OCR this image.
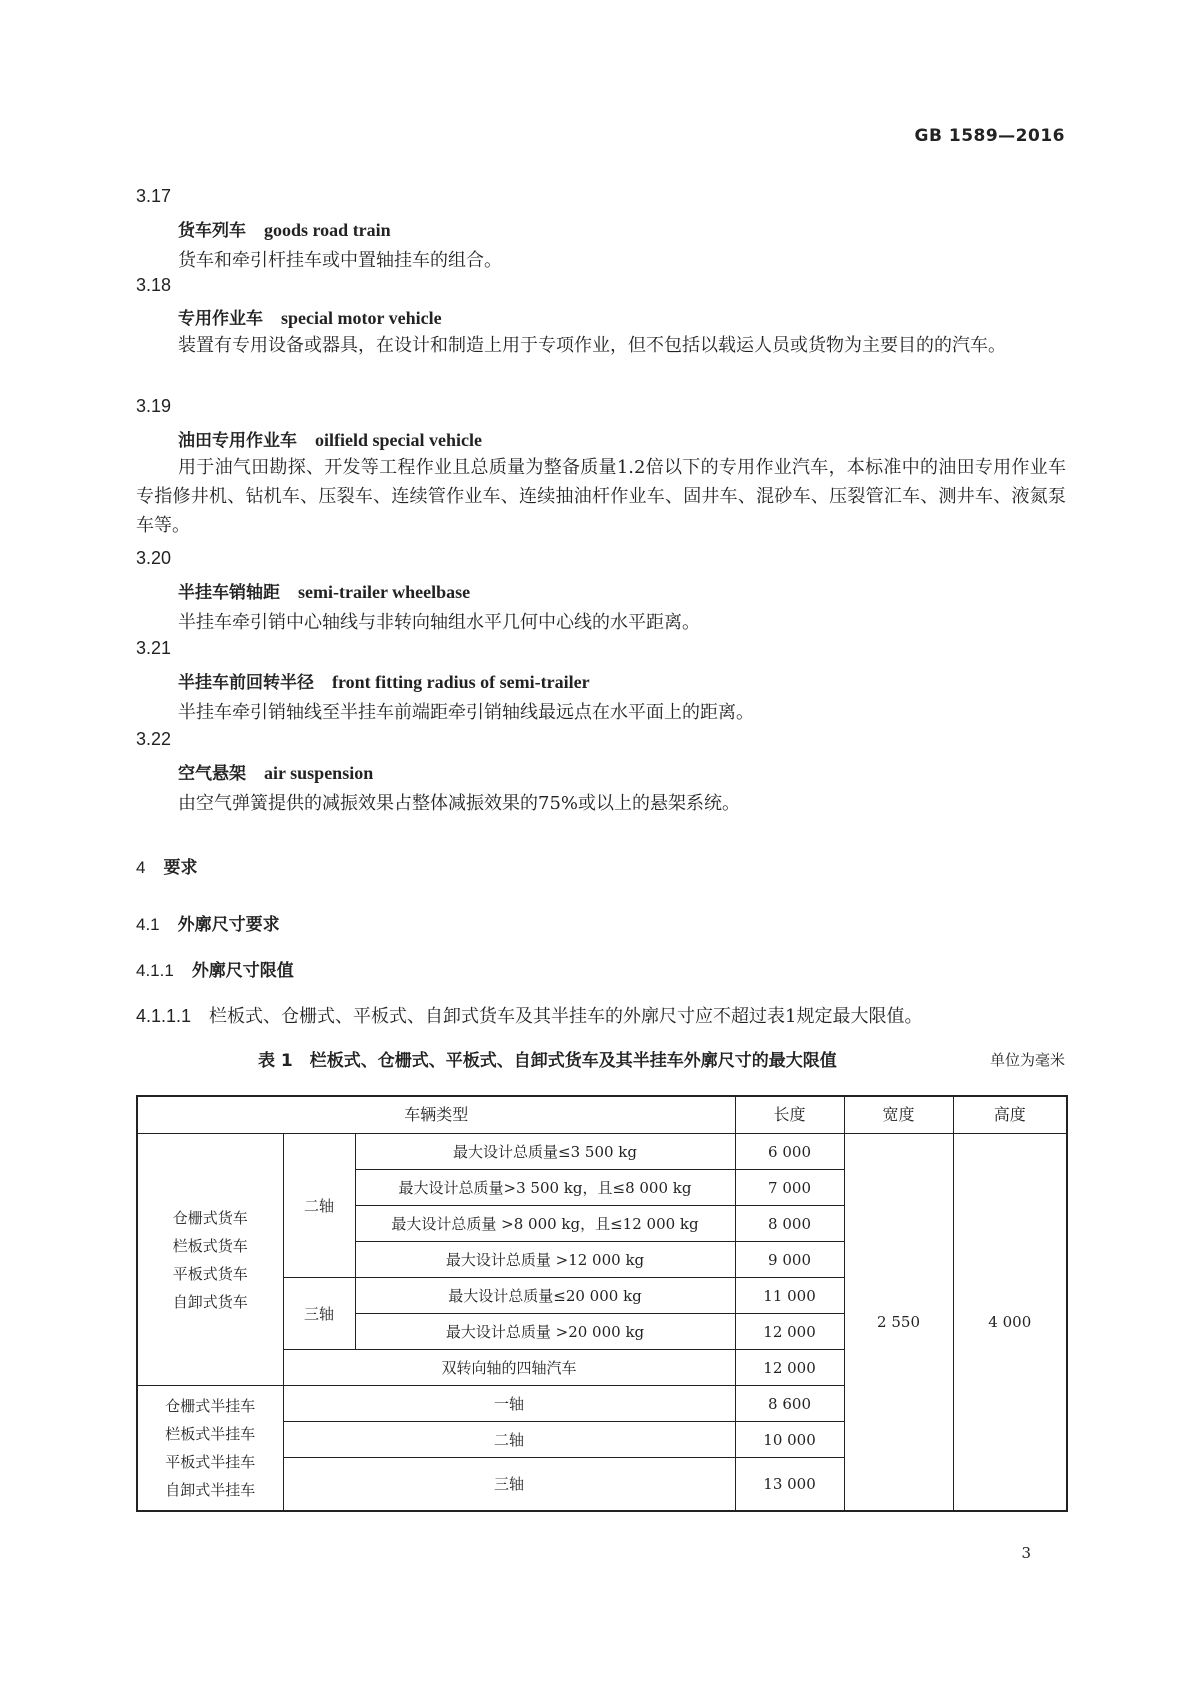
GB 1589—2016
3.17
货车列车 goods road train
货车和牵引杆挂车或中置轴挂车的组合。
3.18
专用作业车 special motor vehicle
装置有专用设备或器具，在设计和制造上用于专项作业，但不包括以载运人员或货物为主要目的的汽车。
3.19
油田专用作业车 oilfield special vehicle
用于油气田勘探、开发等工程作业且总质量为整备质量1.2倍以下的专用作业汽车，本标准中的油田专用作业车专指修井机、钻机车、压裂车、连续管作业车、连续抽油杆作业车、固井车、混砂车、压裂管汇车、测井车、液氮泵车等。
3.20
半挂车销轴距 semi-trailer wheelbase
半挂车牵引销中心轴线与非转向轴组水平几何中心线的水平距离。
3.21
半挂车前回转半径 front fitting radius of semi-trailer
半挂车牵引销轴线至半挂车前端距牵引销轴线最远点在水平面上的距离。
3.22
空气悬架 air suspension
由空气弹簧提供的减振效果占整体减振效果的75%或以上的悬架系统。
4 要求
4.1 外廓尺寸要求
4.1.1 外廓尺寸限值
4.1.1.1 栏板式、仓栅式、平板式、自卸式货车及其半挂车的外廓尺寸应不超过表1规定最大限值。
表 1　栏板式、仓栅式、平板式、自卸式货车及其半挂车外廓尺寸的最大限值	单位为毫米
车辆类型			长度	宽度	高度

仓栅式货车
栏板式货车
平板式货车
自卸式货车	二轴	最大设计总质量≤3 500 kg	6 000	2 550	4 000
		最大设计总质量>3 500 kg，且≤8 000 kg	7 000		
		最大设计总质量 >8 000 kg，且≤12 000 kg	8 000		
		最大设计总质量 >12 000 kg	9 000		
	三轴	最大设计总质量≤20 000 kg	11 000		
		最大设计总质量 >20 000 kg	12 000		
	双转向轴的四轴汽车		12 000		

仓栅式半挂车
栏板式半挂车
平板式半挂车
自卸式半挂车	一轴		8 600		
	二轴		10 000		
	三轴		13 000		
3
